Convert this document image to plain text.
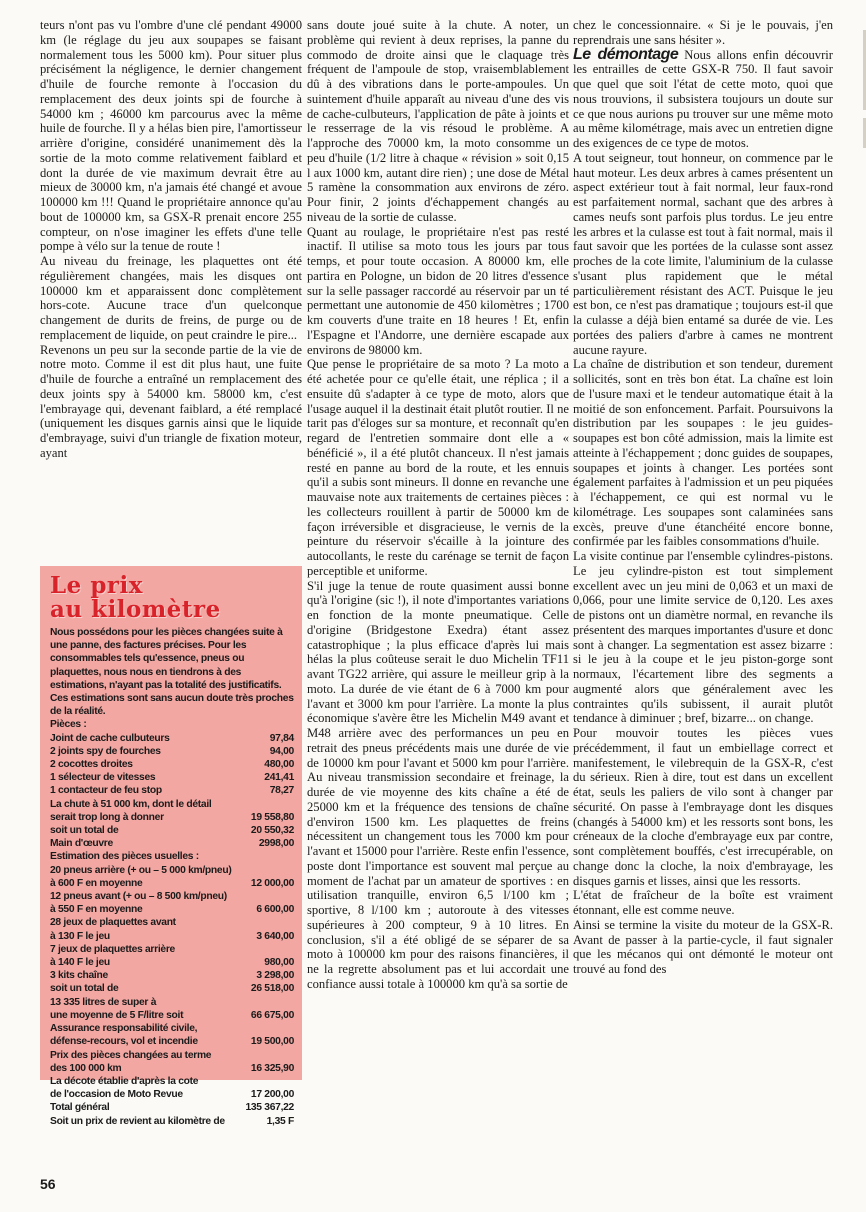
teurs n'ont pas vu l'ombre d'une clé pendant 49000 km (le réglage du jeu aux soupapes se faisant normalement tous les 5000 km). Pour situer plus précisément la négligence, le dernier changement d'huile de fourche remonte à l'occasion du remplacement des deux joints spi de fourche à 54000 km ; 46000 km parcourus avec la même huile de fourche. Il y a hélas bien pire, l'amortisseur arrière d'origine, considéré unanimement dès la sortie de la moto comme relativement faiblard et dont la durée de vie maximum devrait être au mieux de 30000 km, n'a jamais été changé et avoue 100000 km !!! Quand le propriétaire annonce qu'au bout de 100000 km, sa GSX-R prenait encore 255 compteur, on n'ose imaginer les effets d'une telle pompe à vélo sur la tenue de route !

Au niveau du freinage, les plaquettes ont été régulièrement changées, mais les disques ont 100000 km et apparaissent donc complètement hors-cote. Aucune trace d'un quelconque changement de durits de freins, de purge ou de remplacement de liquide, on peut craindre le pire...

Revenons un peu sur la seconde partie de la vie de notre moto. Comme il est dit plus haut, une fuite d'huile de fourche a entraîné un remplacement des deux joints spy à 54000 km. 58000 km, c'est l'embrayage qui, devenant faiblard, a été remplacé (uniquement les disques garnis ainsi que le liquide d'embrayage, suivi d'un triangle de fixation moteur, ayant

Le prix
au kilomètre
Nous possédons pour les pièces changées suite à une panne, des factures précises. Pour les consommables tels qu'essence, pneus ou plaquettes, nous nous en tiendrons à des estimations, n'ayant pas la totalité des justificatifs. Ces estimations sont sans aucun doute très proches de la réalité.
Pièces :
Joint de cache culbuteurs	97,84
2 joints spy de fourches	94,00
2 cocottes droites	480,00
1 sélecteur de vitesses	241,41
1 contacteur de feu stop	78,27
La chute à 51 000 km, dont le détail
serait trop long à donner	19 558,80
soit un total de	20 550,32
Main d'œuvre	2998,00
Estimation des pièces usuelles :
20 pneus arrière (+ ou – 5 000 km/pneu)
à 600 F en moyenne	12 000,00
12 pneus avant (+ ou – 8 500 km/pneu)
à 550 F en moyenne	6 600,00
28 jeux de plaquettes avant
à 130 F le jeu	3 640,00
7 jeux de plaquettes arrière
à 140 F le jeu	980,00
3 kits chaîne	3 298,00
soit un total de	26 518,00
13 335 litres de super à
une moyenne de 5 F/litre soit	66 675,00
Assurance responsabilité civile,
défense-recours, vol et incendie	19 500,00
Prix des pièces changées au terme
des 100 000 km	16 325,90
La décote établie d'après la cote
de l'occasion de Moto Revue	17 200,00
Total général	135 367,22
Soit un prix de revient au kilomètre de	1,35 F

sans doute joué suite à la chute. A noter, un problème qui revient à deux reprises, la panne du commodo de droite ainsi que le claquage très fréquent de l'ampoule de stop, vraisemblablement dû à des vibrations dans le porte-ampoules. Un suintement d'huile apparaît au niveau d'une des vis de cache-culbuteurs, l'application de pâte à joints et le resserrage de la vis résoud le problème. A l'approche des 70000 km, la moto consomme un peu d'huile (1/2 litre à chaque « révision » soit 0,15 l aux 1000 km, autant dire rien) ; une dose de Métal 5 ramène la consommation aux environs de zéro. Pour finir, 2 joints d'échappement changés au niveau de la sortie de culasse.

Quant au roulage, le propriétaire n'est pas resté inactif. Il utilise sa moto tous les jours par tous temps, et pour toute occasion. A 80000 km, elle partira en Pologne, un bidon de 20 litres d'essence sur la selle passager raccordé au réservoir par un té permettant une autonomie de 450 kilomètres ; 1700 km couverts d'une traite en 18 heures ! Et, enfin l'Espagne et l'Andorre, une dernière escapade aux environs de 98000 km.

Que pense le propriétaire de sa moto ? La moto a été achetée pour ce qu'elle était, une réplica ; il a ensuite dû s'adapter à ce type de moto, alors que l'usage auquel il la destinait était plutôt routier. Il ne tarit pas d'éloges sur sa monture, et reconnaît qu'en regard de l'entretien sommaire dont elle a « bénéficié », il a été plutôt chanceux. Il n'est jamais resté en panne au bord de la route, et les ennuis qu'il a subis sont mineurs. Il donne en revanche une mauvaise note aux traitements de certaines pièces : les collecteurs rouillent à partir de 50000 km de façon irréversible et disgracieuse, le vernis de la peinture du réservoir s'écaille à la jointure des autocollants, le reste du carénage se ternit de façon perceptible et uniforme.

S'il juge la tenue de route quasiment aussi bonne qu'à l'origine (sic !), il note d'importantes variations en fonction de la monte pneumatique. Celle d'origine (Bridgestone Exedra) étant assez catastrophique ; la plus efficace d'après lui mais hélas la plus coûteuse serait le duo Michelin TF11 avant TG22 arrière, qui assure le meilleur grip à la moto. La durée de vie étant de 6 à 7000 km pour l'avant et 3000 km pour l'arrière. La monte la plus économique s'avère être les Michelin M49 avant et M48 arrière avec des performances un peu en retrait des pneus précédents mais une durée de vie de 10000 km pour l'avant et 5000 km pour l'arrière. Au niveau transmission secondaire et freinage, la durée de vie moyenne des kits chaîne a été de 25000 km et la fréquence des tensions de chaîne d'environ 1500 km. Les plaquettes de freins nécessitent un changement tous les 7000 km pour l'avant et 15000 pour l'arrière. Reste enfin l'essence, poste dont l'importance est souvent mal perçue au moment de l'achat par un amateur de sportives : en utilisation tranquille, environ 6,5 l/100 km ; sportive, 8 l/100 km ; autoroute à des vitesses supérieures à 200 compteur, 9 à 10 litres. En conclusion, s'il a été obligé de se séparer de sa moto à 100000 km pour des raisons financières, il ne la regrette absolument pas et lui accordait une confiance aussi totale à 100000 km qu'à sa sortie de

chez le concessionnaire. « Si je le pouvais, j'en reprendrais une sans hésiter ».

Le démontage Nous allons enfin découvrir les entrailles de cette GSX-R 750. Il faut savoir que quel que soit l'état de cette moto, quoi que nous trouvions, il subsistera toujours un doute sur ce que nous aurions pu trouver sur une même moto au même kilométrage, mais avec un entretien digne des exigences de ce type de motos.

A tout seigneur, tout honneur, on commence par le haut moteur. Les deux arbres à cames présentent un aspect extérieur tout à fait normal, leur faux-rond est parfaitement normal, sachant que des arbres à cames neufs sont parfois plus tordus. Le jeu entre les arbres et la culasse est tout à fait normal, mais il faut savoir que les portées de la culasse sont assez proches de la cote limite, l'aluminium de la culasse s'usant plus rapidement que le métal particulièrement résistant des ACT. Puisque le jeu est bon, ce n'est pas dramatique ; toujours est-il que la culasse a déjà bien entamé sa durée de vie. Les portées des paliers d'arbre à cames ne montrent aucune rayure.

La chaîne de distribution et son tendeur, durement sollicités, sont en très bon état. La chaîne est loin de l'usure maxi et le tendeur automatique était à la moitié de son enfoncement. Parfait. Poursuivons la distribution par les soupapes : le jeu guides-soupapes est bon côté admission, mais la limite est atteinte à l'échappement ; donc guides de soupapes, soupapes et joints à changer. Les portées sont également parfaites à l'admission et un peu piquées à l'échappement, ce qui est normal vu le kilométrage. Les soupapes sont calaminées sans excès, preuve d'une étanchéité encore bonne, confirmée par les faibles consommations d'huile.

La visite continue par l'ensemble cylindres-pistons. Le jeu cylindre-piston est tout simplement excellent avec un jeu mini de 0,063 et un maxi de 0,066, pour une limite service de 0,120. Les axes de pistons ont un diamètre normal, en revanche ils présentent des marques importantes d'usure et donc sont à changer. La segmentation est assez bizarre : si le jeu à la coupe et le jeu piston-gorge sont normaux, l'écartement libre des segments a augmenté alors que généralement avec les contraintes qu'ils subissent, il aurait plutôt tendance à diminuer ; bref, bizarre... on change.

Pour mouvoir toutes les pièces vues précédemment, il faut un embiellage correct et manifestement, le vilebrequin de la GSX-R, c'est du sérieux. Rien à dire, tout est dans un excellent état, seuls les paliers de vilo sont à changer par sécurité. On passe à l'embrayage dont les disques (changés à 54000 km) et les ressorts sont bons, les créneaux de la cloche d'embrayage eux par contre, sont complètement bouffés, c'est irrecupérable, on change donc la cloche, la noix d'embrayage, les disques garnis et lisses, ainsi que les ressorts.

L'état de fraîcheur de la boîte est vraiment étonnant, elle est comme neuve.

Ainsi se termine la visite du moteur de la GSX-R. Avant de passer à la partie-cycle, il faut signaler que les mécanos qui ont démonté le moteur ont trouvé au fond des

56
